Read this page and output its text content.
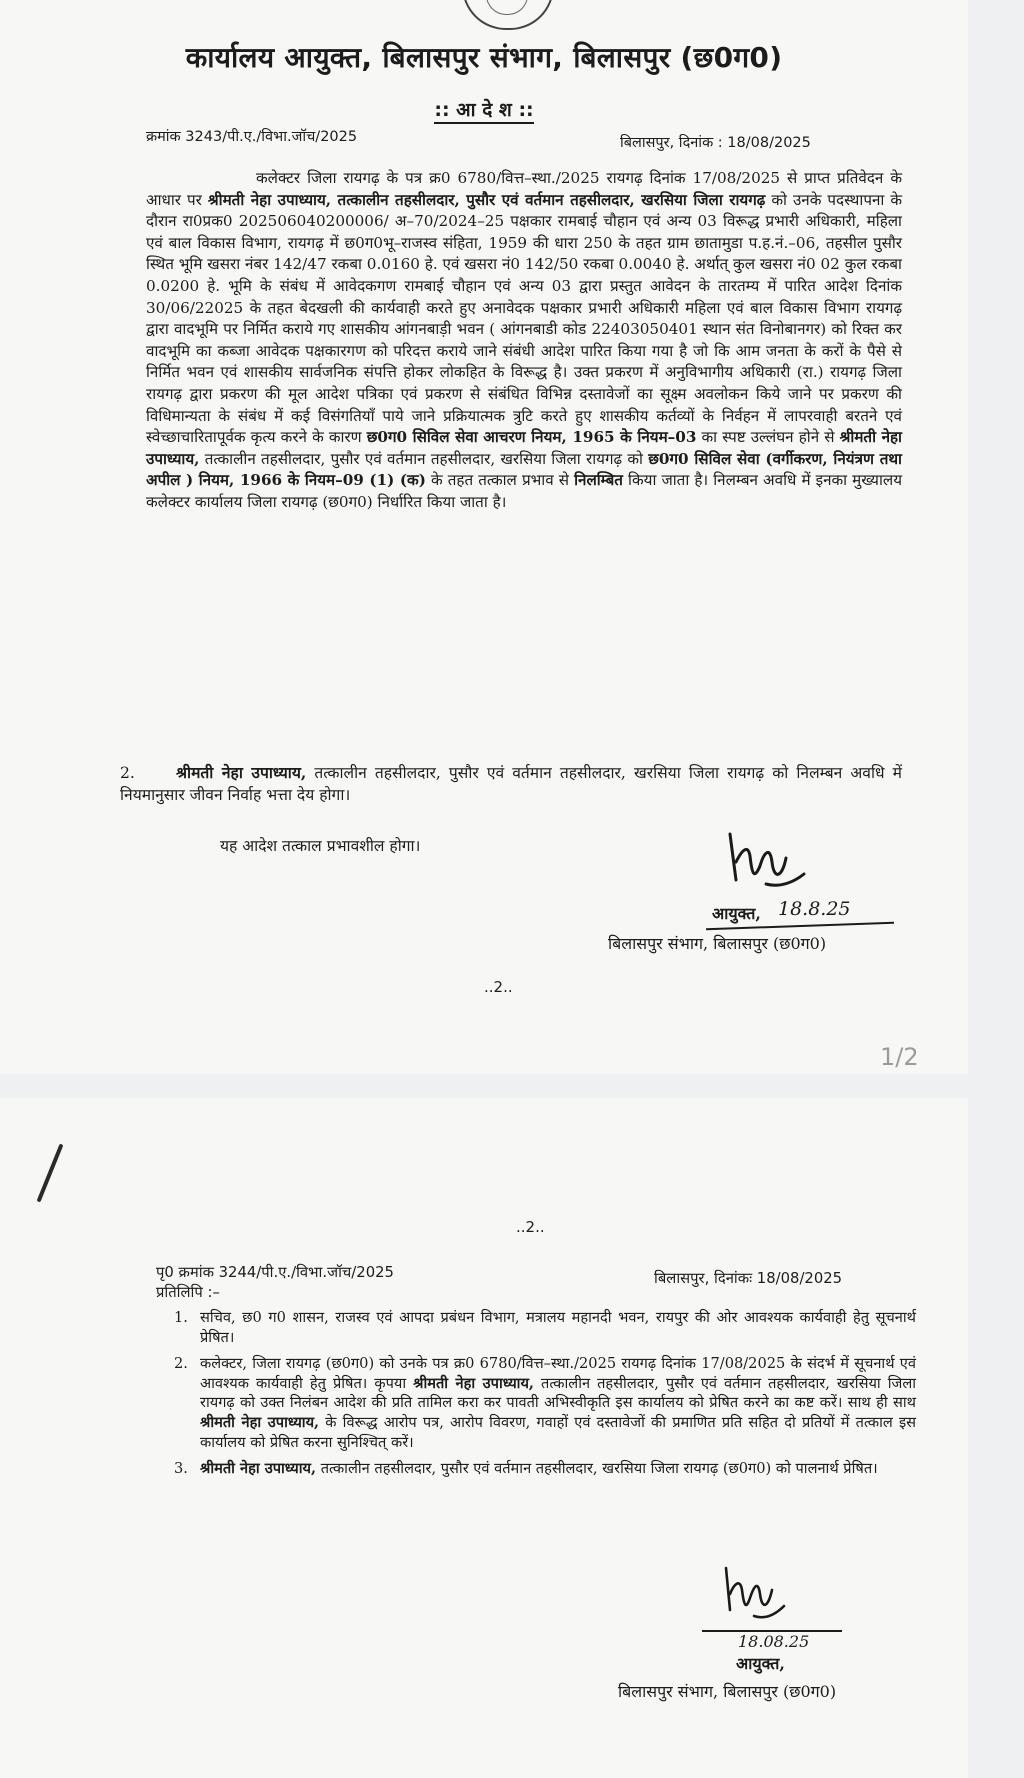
कार्यालय आयुक्त, बिलासपुर संभाग, बिलासपुर (छ0ग0)
:: आ दे श ::
क्रमांक 3243/पी.ए./विभा.जॉच/2025	बिलासपुर, दिनांक : 18/08/2025
कलेक्टर जिला रायगढ़ के पत्र क्र0 6780/वित्त–स्था./2025 रायगढ़ दिनांक 17/08/2025 से प्राप्त प्रतिवेदन के आधार पर श्रीमती नेहा उपाध्याय, तत्कालीन तहसीलदार, पुसौर एवं वर्तमान तहसीलदार, खरसिया जिला रायगढ़ को उनके पदस्थापना के दौरान रा0प्रक0 202506040200006/ अ–70/2024–25 पक्षकार रामबाई चौहान एवं अन्य 03 विरूद्ध प्रभारी अधिकारी, महिला एवं बाल विकास विभाग, रायगढ़ में छ0ग0भू–राजस्व संहिता, 1959 की धारा 250 के तहत ग्राम छातामुडा प.ह.नं.–06, तहसील पुसौर स्थित भूमि खसरा नंबर 142/47 रकबा 0.0160 हे. एवं खसरा नं0 142/50 रकबा 0.0040 हे. अर्थात् कुल खसरा नं0 02 कुल रकबा 0.0200 हे. भूमि के संबंध में आवेदकगण रामबाई चौहान एवं अन्य 03 द्वारा प्रस्तुत आवेदन के तारतम्य में पारित आदेश दिनांक 30/06/22025 के तहत बेदखली की कार्यवाही करते हुए अनावेदक पक्षकार प्रभारी अधिकारी महिला एवं बाल विकास विभाग रायगढ़ द्वारा वादभूमि पर निर्मित कराये गए शासकीय आंगनबाड़ी भवन ( आंगनबाडी कोड 22403050401 स्थान संत विनोबानगर) को रिक्त कर वादभूमि का कब्जा आवेदक पक्षकारगण को परिदत्त कराये जाने संबंधी आदेश पारित किया गया है जो कि आम जनता के करों के पैसे से निर्मित भवन एवं शासकीय सार्वजनिक संपत्ति होकर लोकहित के विरूद्ध है। उक्त प्रकरण में अनुविभागीय अधिकारी (रा.) रायगढ़ जिला रायगढ़ द्वारा प्रकरण की मूल आदेश पत्रिका एवं प्रकरण से संबंधित विभिन्न दस्तावेजों का सूक्ष्म अवलोकन किये जाने पर प्रकरण की विधिमान्यता के संबंध में कई विसंगतियॉं पाये जाने प्रक्रियात्मक त्रुटि करते हुए शासकीय कर्तव्यों के निर्वहन में लापरवाही बरतने एवं स्वेच्छाचारितापूर्वक कृत्य करने के कारण छ0ग0 सिविल सेवा आचरण नियम, 1965 के नियम–03 का स्पष्ट उल्लंघन होने से श्रीमती नेहा उपाध्याय, तत्कालीन तहसीलदार, पुसौर एवं वर्तमान तहसीलदार, खरसिया जिला रायगढ़ को छ0ग0 सिविल सेवा (वर्गीकरण, नियंत्रण तथा अपील ) नियम, 1966 के नियम–09 (1) (क) के तहत तत्काल प्रभाव से निलम्बित किया जाता है। निलम्बन अवधि में इनका मुख्यालय कलेक्टर कार्यालय जिला रायगढ़ (छ0ग0) निर्धारित किया जाता है।
2.	श्रीमती नेहा उपाध्याय, तत्कालीन तहसीलदार, पुसौर एवं वर्तमान तहसीलदार, खरसिया जिला रायगढ़ को निलम्बन अवधि में नियमानुसार जीवन निर्वाह भत्ता देय होगा।
यह आदेश तत्काल प्रभावशील होगा।
आयुक्त, 18.8.25
बिलासपुर संभाग, बिलासपुर (छ0ग0)
..2..
1/2
..2..
पृ0 क्रमांक 3244/पी.ए./विभा.जॉच/2025	बिलासपुर, दिनांकः 18/08/2025
प्रतिलिपि :–
1. सचिव, छ0 ग0 शासन, राजस्व एवं आपदा प्रबंधन विभाग, मत्रालय महानदी भवन, रायपुर की ओर आवश्यक कार्यवाही हेतु सूचनार्थ प्रेषित।
2. कलेक्टर, जिला रायगढ़ (छ0ग0) को उनके पत्र क्र0 6780/वित्त–स्था./2025 रायगढ़ दिनांक 17/08/2025 के संदर्भ में सूचनार्थ एवं आवश्यक कार्यवाही हेतु प्रेषित। कृपया श्रीमती नेहा उपाध्याय, तत्कालीन तहसीलदार, पुसौर एवं वर्तमान तहसीलदार, खरसिया जिला रायगढ़ को उक्त निलंबन आदेश की प्रति तामिल करा कर पावती अभिस्वीकृति इस कार्यालय को प्रेषित करने का कष्ट करें। साथ ही साथ श्रीमती नेहा उपाध्याय, के विरूद्ध आरोप पत्र, आरोप विवरण, गवाहों एवं दस्तावेजों की प्रमाणित प्रति सहित दो प्रतियों में तत्काल इस कार्यालय को प्रेषित करना सुनिश्चित् करें।
3. श्रीमती नेहा उपाध्याय, तत्कालीन तहसीलदार, पुसौर एवं वर्तमान तहसीलदार, खरसिया जिला रायगढ़ (छ0ग0) को पालनार्थ प्रेषित।
18.08.25
आयुक्त,
बिलासपुर संभाग, बिलासपुर (छ0ग0)
